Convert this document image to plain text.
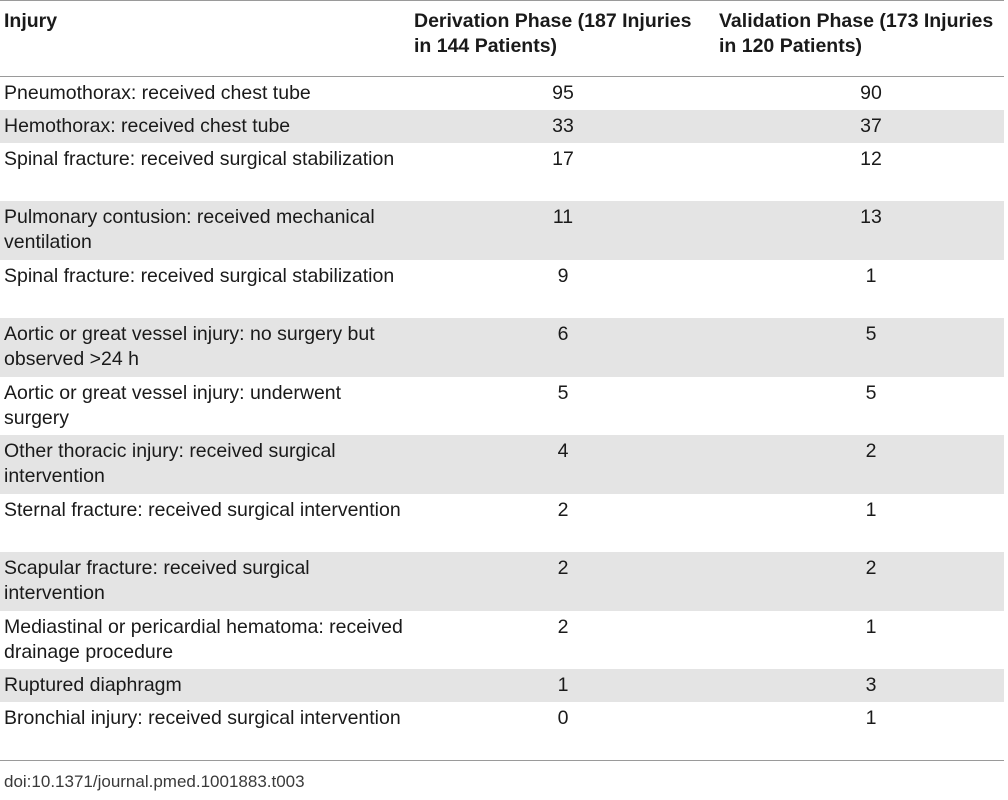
Injury	Derivation Phase (187 Injuries in 144 Patients)	Validation Phase (173 Injuries in 120 Patients)
Pneumothorax: received chest tube	95	90
Hemothorax: received chest tube	33	37
Spinal fracture: received surgical stabilization	17	12
Pulmonary contusion: received mechanical ventilation	11	13
Spinal fracture: received surgical stabilization	9	1
Aortic or great vessel injury: no surgery but observed >24 h	6	5
Aortic or great vessel injury: underwent surgery	5	5
Other thoracic injury: received surgical intervention	4	2
Sternal fracture: received surgical intervention	2	1
Scapular fracture: received surgical intervention	2	2
Mediastinal or pericardial hematoma: received drainage procedure	2	1
Ruptured diaphragm	1	3
Bronchial injury: received surgical intervention	0	1
doi:10.1371/journal.pmed.1001883.t003
